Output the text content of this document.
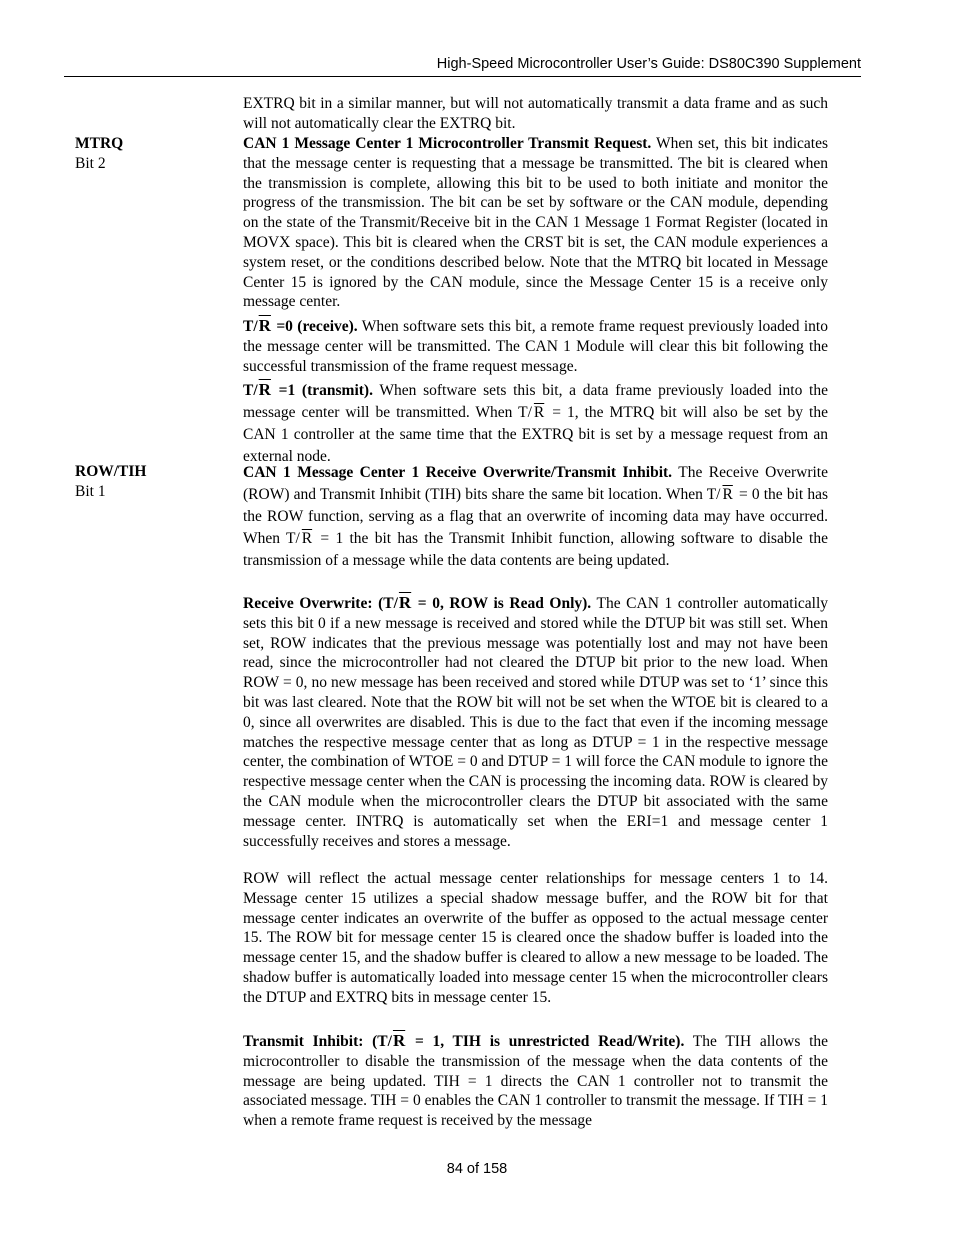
High-Speed Microcontroller User’s Guide: DS80C390 Supplement

EXTRQ bit in a similar manner, but will not automatically transmit a data frame and as such will not automatically clear the EXTRQ bit.

MTRQ
Bit 2

CAN 1 Message Center 1 Microcontroller Transmit Request. When set, this bit indicates that the message center is requesting that a message be transmitted. The bit is cleared when the transmission is complete, allowing this bit to be used to both initiate and monitor the progress of the transmission. The bit can be set by software or the CAN module, depending on the state of the Transmit/Receive bit in the CAN 1 Message 1 Format Register (located in MOVX space). This bit is cleared when the CRST bit is set, the CAN module experiences a system reset, or the conditions described below. Note that the MTRQ bit located in Message Center 15 is ignored by the CAN module, since the Message Center 15 is a receive only message center.

$T/\overline{R} =0$ (receive). When software sets this bit, a remote frame request previously loaded into the message center will be transmitted. The CAN 1 Module will clear this bit following the successful transmission of the frame request message.

$T/\overline{R} =1$ (transmit). When software sets this bit, a data frame previously loaded into the message center will be transmitted. When T/ $\overline{R} = 1$, the MTRQ bit will also be set by the CAN 1 controller at the same time that the EXTRQ bit is set by a message request from an external node.

ROW/TIH
Bit 1

CAN 1 Message Center 1 Receive Overwrite/Transmit Inhibit. The Receive Overwrite (ROW) and Transmit Inhibit (TIH) bits share the same bit location. When T/ $\overline{R} = 0$ the bit has the ROW function, serving as a flag that an overwrite of incoming data may have occurred. When T/ $\overline{R} = 1$ the bit has the Transmit Inhibit function, allowing software to disable the transmission of a message while the data contents are being updated.

Receive Overwrite: ($T/\overline{R} = 0$, ROW is Read Only). The CAN 1 controller automatically sets this bit 0 if a new message is received and stored while the DTUP bit was still set. When set, ROW indicates that the previous message was potentially lost and may not have been read, since the microcontroller had not cleared the DTUP bit prior to the new load. When ROW = 0, no new message has been received and stored while DTUP was set to ‘1’ since this bit was last cleared. Note that the ROW bit will not be set when the WTOE bit is cleared to a 0, since all overwrites are disabled. This is due to the fact that even if the incoming message matches the respective message center that as long as DTUP = 1 in the respective message center, the combination of WTOE = 0 and DTUP = 1 will force the CAN module to ignore the respective message center when the CAN is processing the incoming data. ROW is cleared by the CAN module when the microcontroller clears the DTUP bit associated with the same message center. INTRQ is automatically set when the ERI=1 and message center 1 successfully receives and stores a message.

ROW will reflect the actual message center relationships for message centers 1 to 14. Message center 15 utilizes a special shadow message buffer, and the ROW bit for that message center indicates an overwrite of the buffer as opposed to the actual message center 15. The ROW bit for message center 15 is cleared once the shadow buffer is loaded into the message center 15, and the shadow buffer is cleared to allow a new message to be loaded. The shadow buffer is automatically loaded into message center 15 when the microcontroller clears the DTUP and EXTRQ bits in message center 15.

Transmit Inhibit: ($T/\overline{R} = 1$, TIH is unrestricted Read/Write). The TIH allows the microcontroller to disable the transmission of the message when the data contents of the message are being updated. TIH = 1 directs the CAN 1 controller not to transmit the associated message. TIH = 0 enables the CAN 1 controller to transmit the message. If TIH = 1 when a remote frame request is received by the message

84 of 158
